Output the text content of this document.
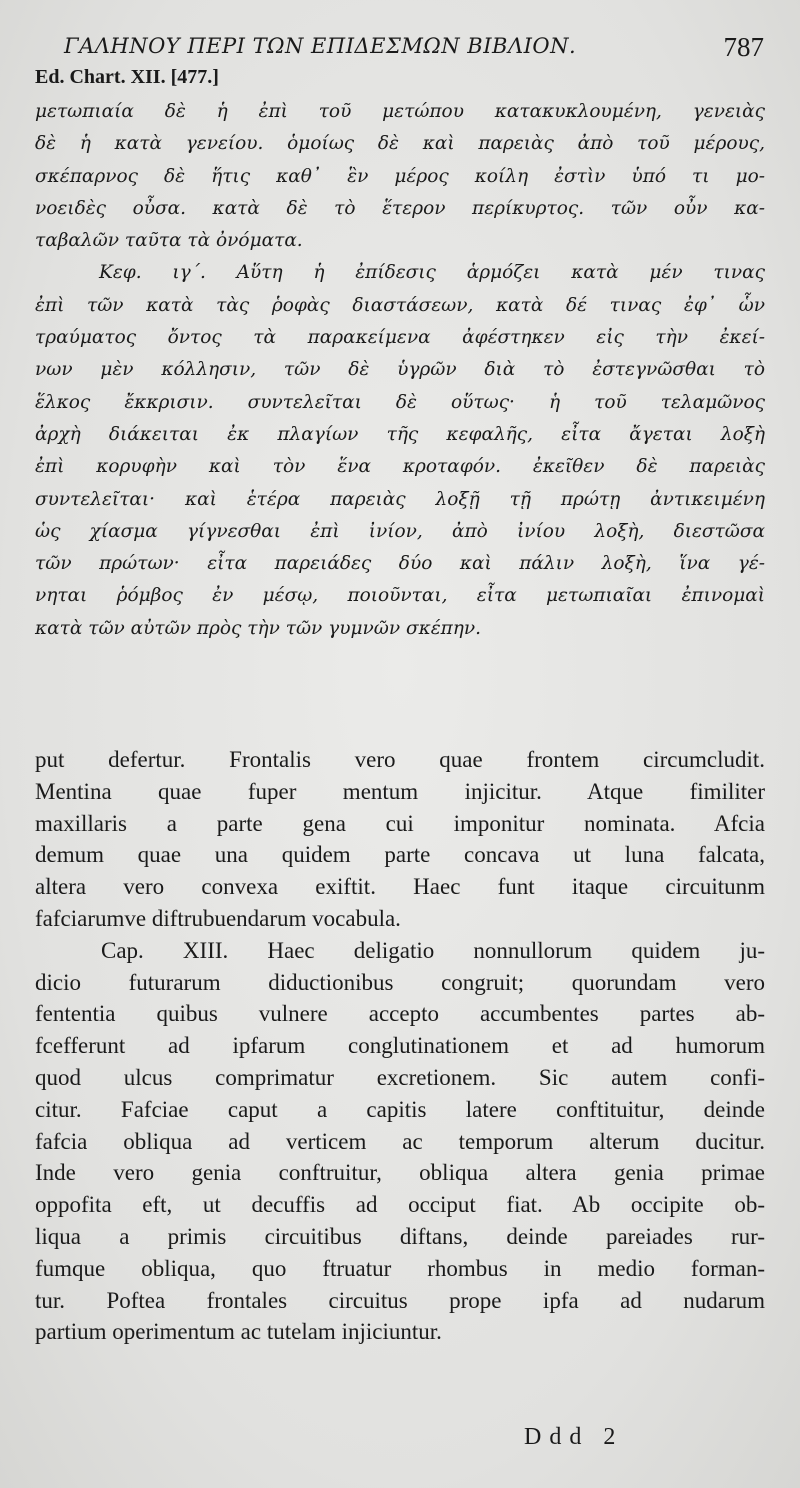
ΓΑΛΗΝΟΥ ΠΕΡΙ ΤΩΝ ΕΠΙΔΕΣΜΩΝ ΒΙΒΛΙΟΝ.	787
Ed. Chart. XII. [477.]
μετωπιαία δὲ ἡ ἐπὶ τοῦ μετώπου κατακυκλουμένη, γενειὰς
δὲ ἡ κατὰ γενείου. ὁμοίως δὲ καὶ παρειὰς ἀπὸ τοῦ μέρους,
σκέπαρνος δὲ ἥτις καθ᾿ ἓν μέρος κοίλη ἐστὶν ὑπό τι μο-
νοειδὲς οὖσα. κατὰ δὲ τὸ ἕτερον περίκυρτος. τῶν οὖν κα-
ταβαλῶν ταῦτα τὰ ὀνόματα.
Κεφ. ιγ΄. Αὕτη ἡ ἐπίδεσις ἁρμόζει κατὰ μέν τινας
ἐπὶ τῶν κατὰ τὰς ῥοφὰς διαστάσεων, κατὰ δέ τινας ἐφ᾿ ὧν
τραύματος ὄντος τὰ παρακείμενα ἀφέστηκεν εἰς τὴν ἐκεί-
νων μὲν κόλλησιν, τῶν δὲ ὑγρῶν διὰ τὸ ἐστεγνῶσθαι τὸ
ἕλκος ἔκκρισιν. συντελεῖται δὲ οὕτως· ἡ τοῦ τελαμῶνος
ἀρχὴ διάκειται ἐκ πλαγίων τῆς κεφαλῆς, εἶτα ἄγεται λοξὴ
ἐπὶ κορυφὴν καὶ τὸν ἕνα κροταφόν. ἐκεῖθεν δὲ παρειὰς
συντελεῖται· καὶ ἑτέρα παρειὰς λοξῇ τῇ πρώτῃ ἀντικειμένη
ὡς χίασμα γίγνεσθαι ἐπὶ ἰνίον, ἀπὸ ἰνίου λοξὴ, διεστῶσα
τῶν πρώτων· εἶτα παρειάδες δύο καὶ πάλιν λοξὴ, ἵνα γέ-
νηται ῥόμβος ἐν μέσῳ, ποιοῦνται, εἶτα μετωπιαῖαι ἐπινομαὶ
κατὰ τῶν αὐτῶν πρὸς τὴν τῶν γυμνῶν σκέπην.
put defertur. Frontalis vero quae frontem circumcludit.
Mentina quae fuper mentum injicitur. Atque fimiliter
maxillaris a parte gena cui imponitur nominata. Afcia
demum quae una quidem parte concava ut luna falcata,
altera vero convexa exiftit. Haec funt itaque circuitunm
fafciarumve diftrubuendarum vocabula.
Cap. XIII. Haec deligatio nonnullorum quidem ju-
dicio futurarum diductionibus congruit; quorundam vero
fententia quibus vulnere accepto accumbentes partes ab-
fcefferunt ad ipfarum conglutinationem et ad humorum
quod ulcus comprimatur excretionem. Sic autem confi-
citur. Fafciae caput a capitis latere conftituitur, deinde
fafcia obliqua ad verticem ac temporum alterum ducitur.
Inde vero genia conftruitur, obliqua altera genia primae
oppofita eft, ut decuffis ad occiput fiat. Ab occipite ob-
liqua a primis circuitibus diftans, deinde pareiades rur-
fumque obliqua, quo ftruatur rhombus in medio forman-
tur. Poftea frontales circuitus prope ipfa ad nudarum
partium operimentum ac tutelam injiciuntur.
Ddd 2
